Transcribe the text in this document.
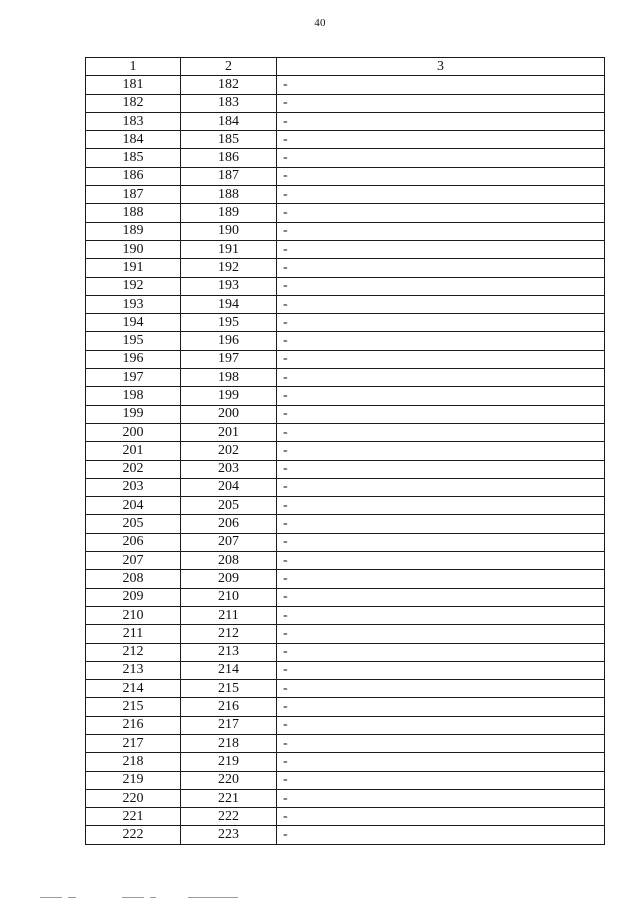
40
1	2	3
181	182	-
182	183	-
183	184	-
184	185	-
185	186	-
186	187	-
187	188	-
188	189	-
189	190	-
190	191	-
191	192	-
192	193	-
193	194	-
194	195	-
195	196	-
196	197	-
197	198	-
198	199	-
199	200	-
200	201	-
201	202	-
202	203	-
203	204	-
204	205	-
205	206	-
206	207	-
207	208	-
208	209	-
209	210	-
210	211	-
211	212	-
212	213	-
213	214	-
214	215	-
215	216	-
216	217	-
217	218	-
218	219	-
219	220	-
220	221	-
221	222	-
222	223	-
